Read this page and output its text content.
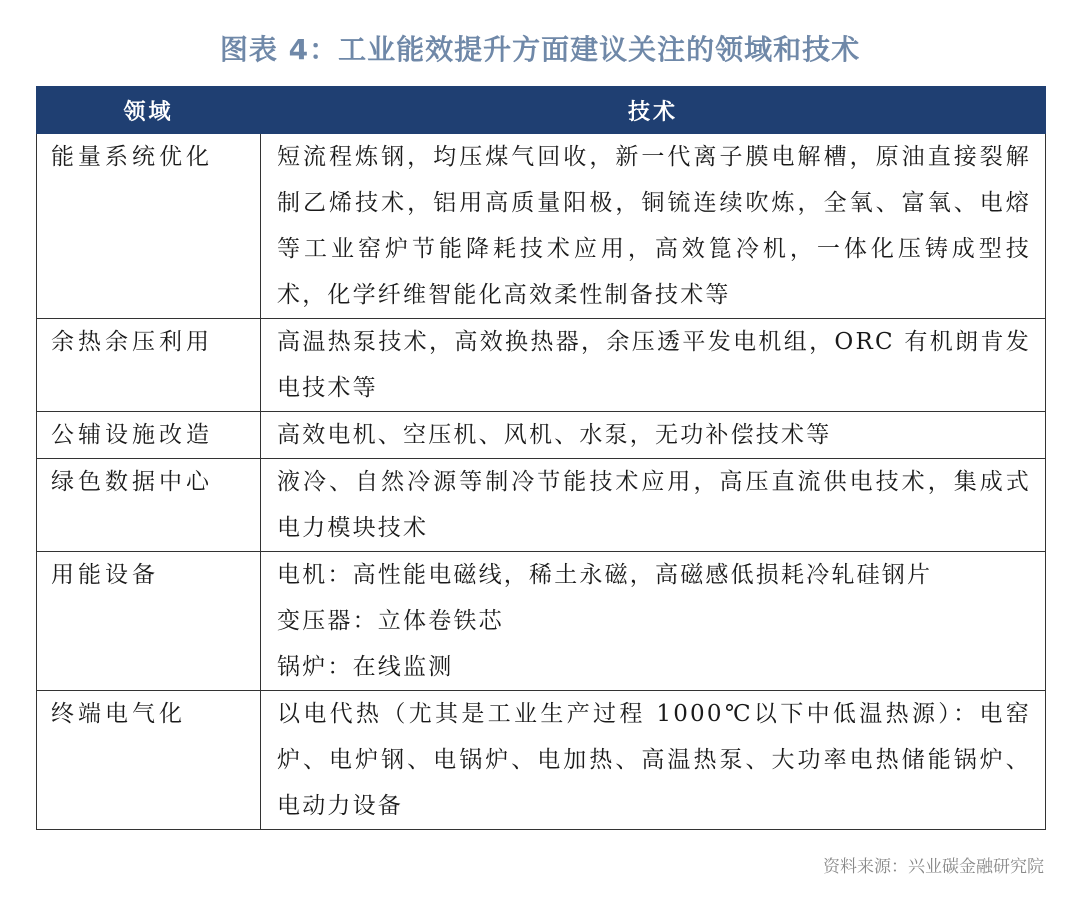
图表 4：工业能效提升方面建议关注的领域和技术
领域	技术
能量系统优化	短流程炼钢，均压煤气回收，新一代离子膜电解槽，原油直接裂解制乙烯技术，铝用高质量阳极，铜锍连续吹炼，全氧、富氧、电熔等工业窑炉节能降耗技术应用，高效箟冷机，一体化压铸成型技术，化学纤维智能化高效柔性制备技术等

余热余压利用	高温热泵技术，高效换热器，余压透平发电机组，ORC 有机朗肯发电技术等

公辅设施改造	高效电机、空压机、风机、水泵，无功补偿技术等

绿色数据中心	液冷、自然冷源等制冷节能技术应用，高压直流供电技术，集成式电力模块技术

用能设备	电机：高性能电磁线，稀土永磁，高磁感低损耗冷轧硅钢片
变压器：立体卷铁芯
锅炉：在线监测

终端电气化	以电代热（尤其是工业生产过程 1000℃以下中低温热源）：电窑炉、电炉钢、电锅炉、电加热、高温热泵、大功率电热储能锅炉、电动力设备
资料来源：兴业碳金融研究院
